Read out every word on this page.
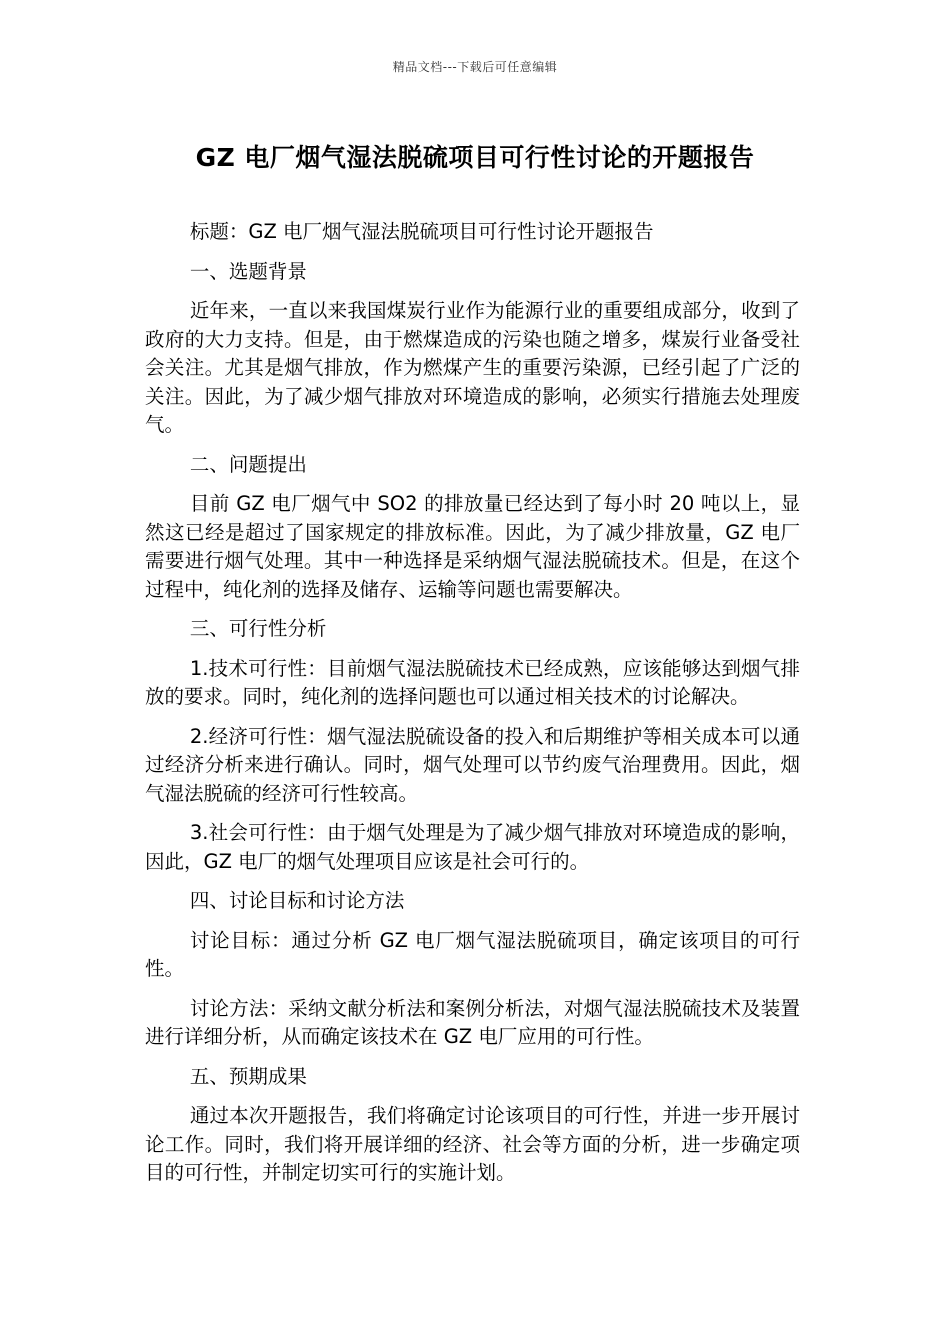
精品文档---下载后可任意编辑
GZ 电厂烟气湿法脱硫项目可行性讨论的开题报告

标题：GZ 电厂烟气湿法脱硫项目可行性讨论开题报告

一、选题背景

近年来，一直以来我国煤炭行业作为能源行业的重要组成部分，收到了政府的大力支持。但是，由于燃煤造成的污染也随之增多，煤炭行业备受社会关注。尤其是烟气排放，作为燃煤产生的重要污染源，已经引起了广泛的关注。因此，为了减少烟气排放对环境造成的影响，必须实行措施去处理废气。

二、问题提出

目前 GZ 电厂烟气中 SO2 的排放量已经达到了每小时 20 吨以上，显然这已经是超过了国家规定的排放标准。因此，为了减少排放量，GZ 电厂需要进行烟气处理。其中一种选择是采纳烟气湿法脱硫技术。但是，在这个过程中，纯化剂的选择及储存、运输等问题也需要解决。

三、可行性分析

1.技术可行性：目前烟气湿法脱硫技术已经成熟，应该能够达到烟气排放的要求。同时，纯化剂的选择问题也可以通过相关技术的讨论解决。

2.经济可行性：烟气湿法脱硫设备的投入和后期维护等相关成本可以通过经济分析来进行确认。同时，烟气处理可以节约废气治理费用。因此，烟气湿法脱硫的经济可行性较高。

3.社会可行性：由于烟气处理是为了减少烟气排放对环境造成的影响，因此，GZ 电厂的烟气处理项目应该是社会可行的。

四、讨论目标和讨论方法

讨论目标：通过分析 GZ 电厂烟气湿法脱硫项目，确定该项目的可行性。

讨论方法：采纳文献分析法和案例分析法，对烟气湿法脱硫技术及装置进行详细分析，从而确定该技术在 GZ 电厂应用的可行性。

五、预期成果

通过本次开题报告，我们将确定讨论该项目的可行性，并进一步开展讨论工作。同时，我们将开展详细的经济、社会等方面的分析，进一步确定项目的可行性，并制定切实可行的实施计划。
